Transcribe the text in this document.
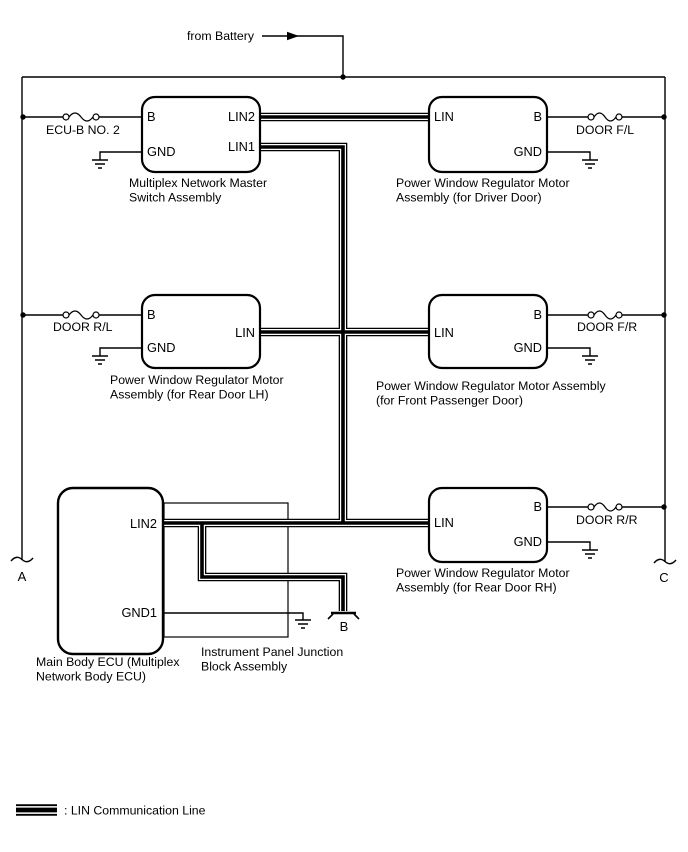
from Battery
B
GND
LIN2
LIN1
Multiplex Network Master
Switch Assembly
LIN	B
GND
Power Window Regulator Motor
Assembly (for Driver Door)
B
GND
LIN
Power Window Regulator Motor
Assembly (for Rear Door LH)
LIN
B
GND
Power Window Regulator Motor Assembly
(for Front Passenger Door)
LIN
B
GND
Power Window Regulator Motor
Assembly (for Rear Door RH)
LIN2
GND1
Main Body ECU (Multiplex
Network Body ECU)
Instrument Panel Junction
Block Assembly
ECU-B NO. 2	DOOR F/L
DOOR R/L	DOOR F/R
DOOR R/R
A
B
C
: LIN Communication Line
